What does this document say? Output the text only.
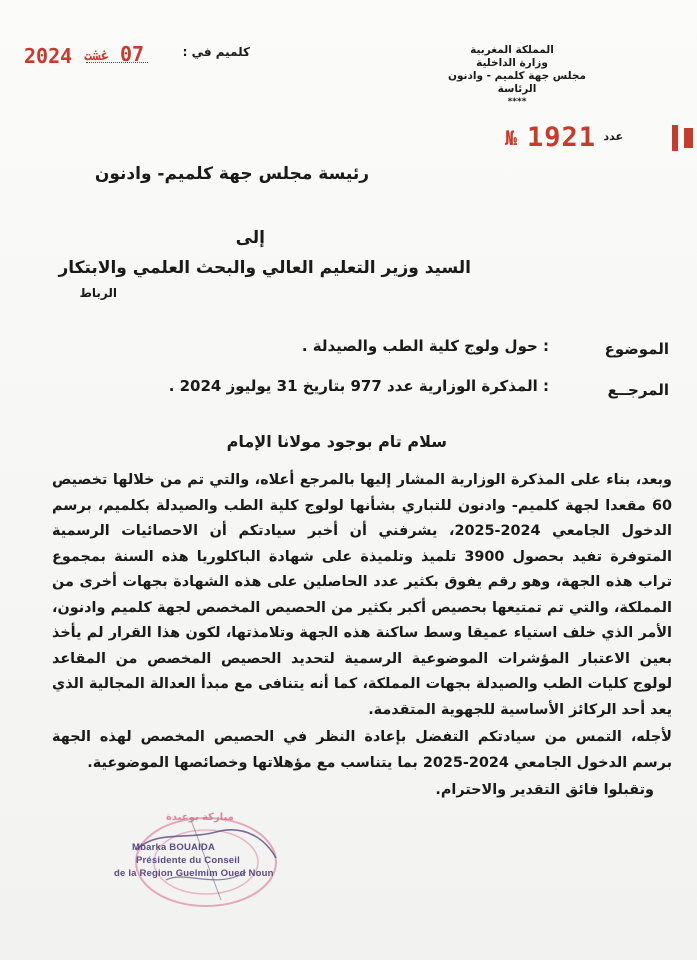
المملكة المغربية
وزارة الداخلية
مجلس جهة كلميم - وادنون
الرئاسة
****
عدد
№ 1921
2024 غشت 07	كلميم في :
رئيسة مجلس جهة كلميم- وادنون
إلى
السيد وزير التعليم العالي والبحث العلمي والابتكار
الرباط
الموضوع
: حول ولوج كلية الطب والصيدلة .
المرجــع
: المذكرة الوزارية عدد 977 بتاريخ 31 يوليوز 2024 .
سلام تام بوجود مولانا الإمام

وبعد، بناء على المذكرة الوزارية المشار إليها بالمرجع أعلاه، والتي تم من خلالها تخصيص 60 مقعدا لجهة كلميم- وادنون للتباري بشأنها لولوج كلية الطب والصيدلة بكلميم، برسم الدخول الجامعي 2024-2025، يشرفني أن أخبر سيادتكم أن الاحصائيات الرسمية المتوفرة تفيد بحصول 3900 تلميذ وتلميذة على شهادة الباكلوريا هذه السنة بمجموع تراب هذه الجهة، وهو رقم يفوق بكثير عدد الحاصلين على هذه الشهادة بجهات أخرى من المملكة، والتي تم تمتيعها بحصيص أكبر بكثير من الحصيص المخصص لجهة كلميم وادنون، الأمر الذي خلف استياء عميقا وسط ساكنة هذه الجهة وتلامذتها، لكون هذا القرار لم يأخذ بعين الاعتبار المؤشرات الموضوعية الرسمية لتحديد الحصيص المخصص من المقاعد لولوج كليات الطب والصيدلة بجهات المملكة، كما أنه يتنافى مع مبدأ العدالة المجالية الذي يعد أحد الركائز الأساسية للجهوية المتقدمة.

لأجله، التمس من سيادتكم التفضل بإعادة النظر في الحصيص المخصص لهذه الجهة برسم الدخول الجامعي 2024-2025 بما يتناسب مع مؤهلاتها وخصائصها الموضوعية.

وتقبلوا فائق التقدير والاحترام.

مباركة بوعيدة
Mbarka BOUAIDA
Présidente du Conseil
de la Region Guelmim Oued Noun
